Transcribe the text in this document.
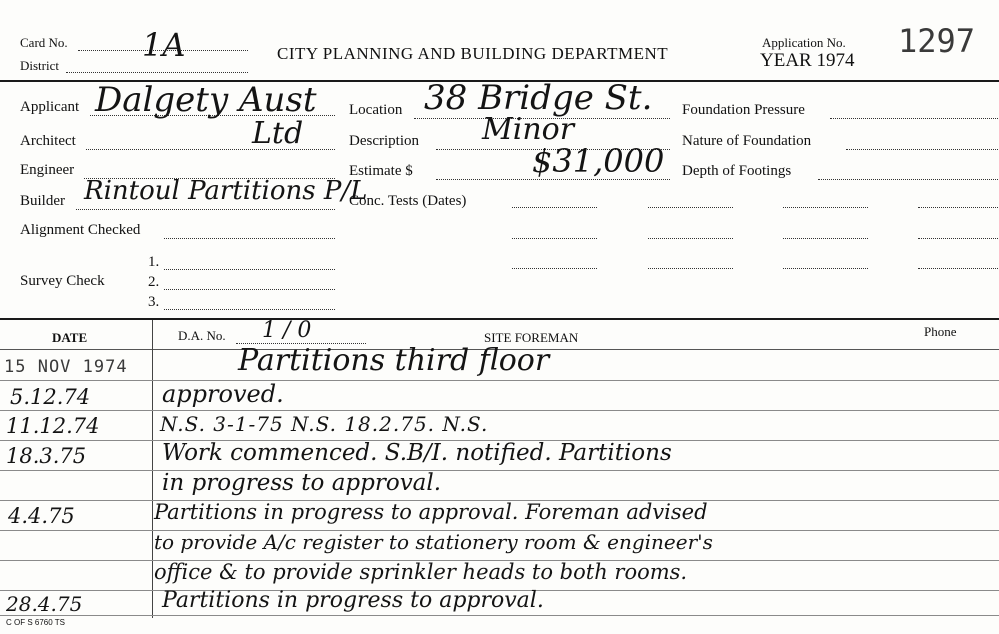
Card No. 1A
District
CITY PLANNING AND BUILDING DEPARTMENT
Application No.
YEAR 1974
1297
Applicant Dalgety Aust
Architect	Ltd
Engineer
Builder Rintoul Partitions P/L
Alignment Checked
Survey Check
1.
2.
3.
Location 38 Bridge St.
Description Minor
Estimate $	$31,000
Conc. Tests (Dates)
Foundation Pressure
Nature of Foundation
Depth of Footings
DATE	D.A. No. 1 / 0	SITE FOREMAN	Phone
15 NOV 1974	Partitions third floor
5.12.74	approved.
11.12.74	N.S. 3-1-75 N.S. 18.2.75. N.S.
18.3.75	Work commenced. S.B/I. notified. Partitions
in progress to approval.
4.4.75	Partitions in progress to approval. Foreman advised
to provide A/c register to stationery room & engineer's
office & to provide sprinkler heads to both rooms.
28.4.75	Partitions in progress to approval.
C OF S 6760 TS
